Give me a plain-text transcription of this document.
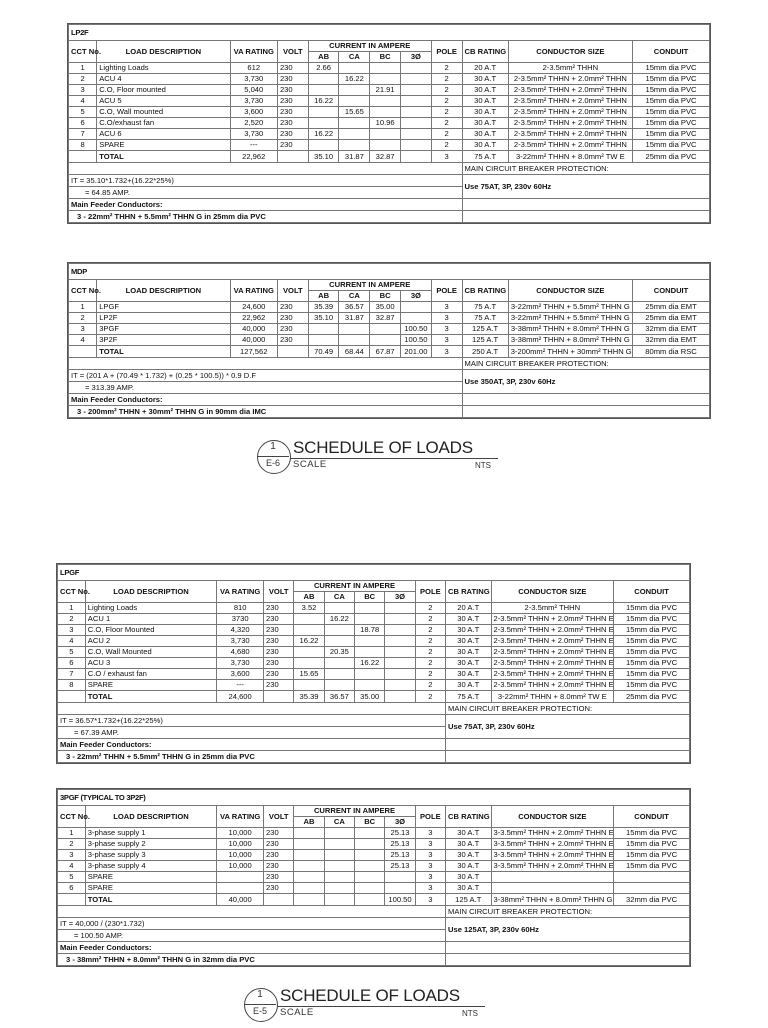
LP2F											
CCT No.	LOAD DESCRIPTION	VA RATING	VOLT	CURRENT IN AMPERE				POLE	CB RATING	CONDUCTOR SIZE	CONDUIT
				AB	CA	BC	3Ø				
1	Lighting Loads	612	230	2.66				2	20 A.T	2-3.5mm² THHN	15mm dia PVC
2	ACU 4	3,730	230		16.22			2	30 A.T	2-3.5mm² THHN + 2.0mm² THHN	15mm dia PVC
3	C.O, Floor mounted	5,040	230			21.91		2	30 A.T	2-3.5mm² THHN + 2.0mm² THHN	15mm dia PVC
4	ACU 5	3,730	230	16.22				2	30 A.T	2-3.5mm² THHN + 2.0mm² THHN	15mm dia PVC
5	C.O, Wall mounted	3,600	230		15.65			2	30 A.T	2-3.5mm² THHN + 2.0mm² THHN	15mm dia PVC
6	C.O/exhaust fan	2,520	230			10.96		2	30 A.T	2-3.5mm² THHN + 2.0mm² THHN	15mm dia PVC
7	ACU 6	3,730	230	16.22				2	30 A.T	2-3.5mm² THHN + 2.0mm² THHN	15mm dia PVC
8	SPARE	---	230					2	30 A.T	2-3.5mm² THHN + 2.0mm² THHN	15mm dia PVC
	TOTAL	22,962		35.10	31.87	32.87		3	75 A.T	3-22mm² THHN + 8.0mm² TW E	25mm dia PVC
									MAIN CIRCUIT BREAKER PROTECTION:		
IT = 35.10*1.732+(16.22*25%)									Use 75AT, 3P, 230v 60Hz		
= 64.85 AMP.											
Main Feeder Conductors:											
3 - 22mm² THHN + 5.5mm² THHN G in 25mm dia PVC											
MDP											
CCT No.	LOAD DESCRIPTION	VA RATING	VOLT	CURRENT IN AMPERE				POLE	CB RATING	CONDUCTOR SIZE	CONDUIT
				AB	CA	BC	3Ø				
1	LPGF	24,600	230	35.39	36.57	35.00		3	75 A.T	3-22mm² THHN + 5.5mm² THHN G	25mm dia EMT
2	LP2F	22,962	230	35.10	31.87	32.87		3	75 A.T	3-22mm² THHN + 5.5mm² THHN G	25mm dia EMT
3	3PGF	40,000	230				100.50	3	125 A.T	3-38mm² THHN + 8.0mm² THHN G	32mm dia EMT
4	3P2F	40,000	230				100.50	3	125 A.T	3-38mm² THHN + 8.0mm² THHN G	32mm dia EMT
	TOTAL	127,562		70.49	68.44	67.87	201.00	3	250 A.T	3-200mm² THHN + 30mm² THHN G	80mm dia RSC
									MAIN CIRCUIT BREAKER PROTECTION:		
IT = (201 A + (70.49 * 1.732) + (0.25 * 100.5)) * 0.9 D.F									Use 350AT, 3P, 230v 60Hz		
= 313.39 AMP.											
Main Feeder Conductors:											
3 - 200mm² THHN + 30mm² THHN G in 90mm dia IMC											
1
E-6
SCHEDULE OF LOADS
SCALE	NTS
LPGF											
CCT No.	LOAD DESCRIPTION	VA RATING	VOLT	CURRENT IN AMPERE				POLE	CB RATING	CONDUCTOR SIZE	CONDUIT
				AB	CA	BC	3Ø				
1	Lighting Loads	810	230	3.52				2	20 A.T	2-3.5mm² THHN	15mm dia PVC
2	ACU 1	3730	230		16.22			2	30 A.T	2-3.5mm² THHN + 2.0mm² THHN E	15mm dia PVC
3	C.O, Floor Mounted	4,320	230			18.78		2	30 A.T	2-3.5mm² THHN + 2.0mm² THHN E	15mm dia PVC
4	ACU 2	3,730	230	16.22				2	30 A.T	2-3.5mm² THHN + 2.0mm² THHN E	15mm dia PVC
5	C.O, Wall Mounted	4,680	230		20.35			2	30 A.T	2-3.5mm² THHN + 2.0mm² THHN E	15mm dia PVC
6	ACU 3	3,730	230			16.22		2	30 A.T	2-3.5mm² THHN + 2.0mm² THHN E	15mm dia PVC
7	C.O / exhaust fan	3,600	230	15.65				2	30 A.T	2-3.5mm² THHN + 2.0mm² THHN E	15mm dia PVC
8	SPARE	---	230					2	30 A.T	2-3.5mm² THHN + 2.0mm² THHN E	15mm dia PVC
	TOTAL	24,600		35.39	36.57	35.00		2	75 A.T	3-22mm² THHN + 8.0mm² TW E	25mm dia PVC
									MAIN CIRCUIT BREAKER PROTECTION:		
IT = 36.57*1.732+(16.22*25%)									Use 75AT, 3P, 230v 60Hz		
= 67.39 AMP.											
Main Feeder Conductors:											
3 - 22mm² THHN + 5.5mm² THHN G in 25mm dia PVC											
3PGF (TYPICAL TO 3P2F)											
CCT No.	LOAD DESCRIPTION	VA RATING	VOLT	CURRENT IN AMPERE				POLE	CB RATING	CONDUCTOR SIZE	CONDUIT
				AB	CA	BC	3Ø				
1	3-phase supply 1	10,000	230				25.13	3	30 A.T	3-3.5mm² THHN + 2.0mm² THHN E	15mm dia PVC
2	3-phase supply 2	10,000	230				25.13	3	30 A.T	3-3.5mm² THHN + 2.0mm² THHN E	15mm dia PVC
3	3-phase supply 3	10,000	230				25.13	3	30 A.T	3-3.5mm² THHN + 2.0mm² THHN E	15mm dia PVC
4	3-phase supply 4	10,000	230				25.13	3	30 A.T	3-3.5mm² THHN + 2.0mm² THHN E	15mm dia PVC
5	SPARE		230					3	30 A.T		
6	SPARE		230					3	30 A.T		
	TOTAL	40,000					100.50	3	125 A.T	3-38mm² THHN + 8.0mm² THHN G	32mm dia PVC
									MAIN CIRCUIT BREAKER PROTECTION:		
IT = 40,000 / (230*1.732)									Use 125AT, 3P, 230v 60Hz		
= 100.50 AMP.											
Main Feeder Conductors:											
3 - 38mm² THHN + 8.0mm² THHN G in 32mm dia PVC											
1
E-5
SCHEDULE OF LOADS
SCALE	NTS
